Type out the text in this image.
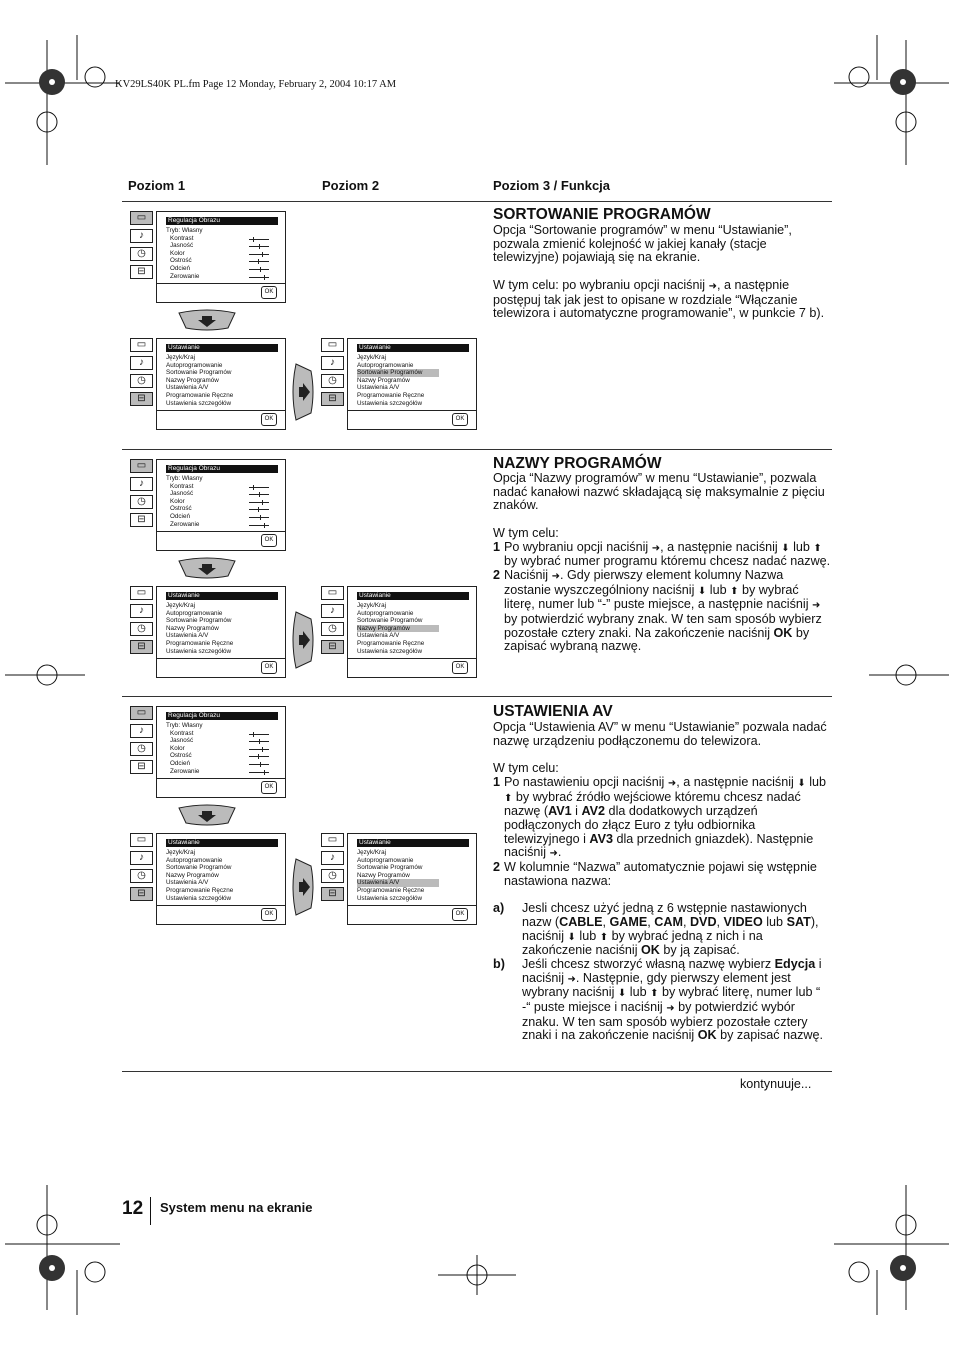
KV29LS40K PL.fm Page 12 Monday, February 2, 2004 10:17 AM
Poziom 1	Poziom 2	Poziom 3 / Funkcja
▭
♪
◷
⊟
Regulacja Obrazu
Tryb: Własny
Kontrast
Jasność
Kolor
Ostrość
Odcień
Zerowanie
OK
▭
♪
◷
⊟
Ustawianie
Język/Kraj
Autoprogramowanie
Sortowanie Programów
Nazwy Programów
Ustawienia A/V
Programowanie Ręczne
Ustawienia szczegółów
OK
▭
♪
◷
⊟
Ustawianie
Język/Kraj
Autoprogramowanie
Sortowanie Programów
Nazwy Programów
Ustawienia A/V
Programowanie Ręczne
Ustawienia szczegółów
OK
▭
♪
◷
⊟
Regulacja Obrazu
Tryb: Własny
Kontrast
Jasność
Kolor
Ostrość
Odcień
Zerowanie
OK
▭
♪
◷
⊟
Ustawianie
Język/Kraj
Autoprogramowanie
Sortowanie Programów
Nazwy Programów
Ustawienia A/V
Programowanie Ręczne
Ustawienia szczegółów
OK
▭
♪
◷
⊟
Ustawianie
Język/Kraj
Autoprogramowanie
Sortowanie Programów
Nazwy Programów
Ustawienia A/V
Programowanie Ręczne
Ustawienia szczegółów
OK
▭
♪
◷
⊟
Regulacja Obrazu
Tryb: Własny
Kontrast
Jasność
Kolor
Ostrość
Odcień
Zerowanie
OK
▭
♪
◷
⊟
Ustawianie
Język/Kraj
Autoprogramowanie
Sortowanie Programów
Nazwy Programów
Ustawienia A/V
Programowanie Ręczne
Ustawienia szczegółów
OK
▭
♪
◷
⊟
Ustawianie
Język/Kraj
Autoprogramowanie
Sortowanie Programów
Nazwy Programów
Ustawienia A/V
Programowanie Ręczne
Ustawienia szczegółów
OK
SORTOWANIE PROGRAMÓW

Opcja “Sortowanie programów” w menu “Ustawianie”, pozwala zmienić kolejność w jakiej kanały (stacje telewizyjne) pojawiają się na ekranie.

W tym celu: po wybraniu opcji naciśnij ➜, a następnie postępuj tak jak jest to opisane w rozdziale “Włączanie telewizora i automatyczne programowanie”, w punkcie 7 b).

NAZWY PROGRAMÓW

Opcja “Nazwy programów” w menu “Ustawianie”, pozwala nadać kanałowi nazwć składającą się maksymalnie z pięciu znaków.

W tym celu:

1 Po wybraniu opcji naciśnij ➜, a następnie naciśnij ⬇ lub ⬆ by wybrać numer programu któremu chcesz nadać nazwę.
2 Naciśnij ➜. Gdy pierwszy element kolumny Nazwa zostanie wyszczególniony naciśnij ⬇ lub ⬆ by wybrać literę, numer lub “-” puste miejsce, a następnie naciśnij ➜ by potwierdzić wybrany znak. W ten sam sposób wybierz pozostałe cztery znaki. Na zakończenie naciśnij OK by zapisać wybraną nazwę.
USTAWIENIA AV

Opcja “Ustawienia AV” w menu “Ustawianie” pozwala nadać nazwę urządzeniu podłączonemu do telewizora.

W tym celu:

1 Po nastawieniu opcji naciśnij ➜, a następnie naciśnij ⬇ lub ⬆ by wybrać źródło wejściowe któremu chcesz nadać nazwę (AV1 i AV2 dla dodatkowych urządzeń podłączonych do złącz Euro z tyłu odbiornika telewizyjnego i AV3 dla przednich gniazdek). Następnie naciśnij ➜.
2 W kolumnie “Nazwa” automatycznie pojawi się wstępnie nastawiona nazwa:
a) Jesli chcesz użyć jedną z 6 wstępnie nastawionych nazw (CABLE, GAME, CAM, DVD, VIDEO lub SAT), naciśnij ⬇ lub ⬆ by wybrać jedną z nich i na zakończenie naciśnij OK by ją zapisać.
b) Jeśli chcesz stworzyć własną nazwę wybierz Edycja i naciśnij ➜. Następnie, gdy pierwszy element jest wybrany naciśnij ⬇ lub ⬆ by wybrać literę, numer lub “ -“ puste miejsce i naciśnij ➜ by potwierdzić wybór znaku. W ten sam sposób wybierz pozostałe cztery znaki i na zakończenie naciśnij OK by zapisać nazwę.
kontynuuje...
12 System menu na ekranie
